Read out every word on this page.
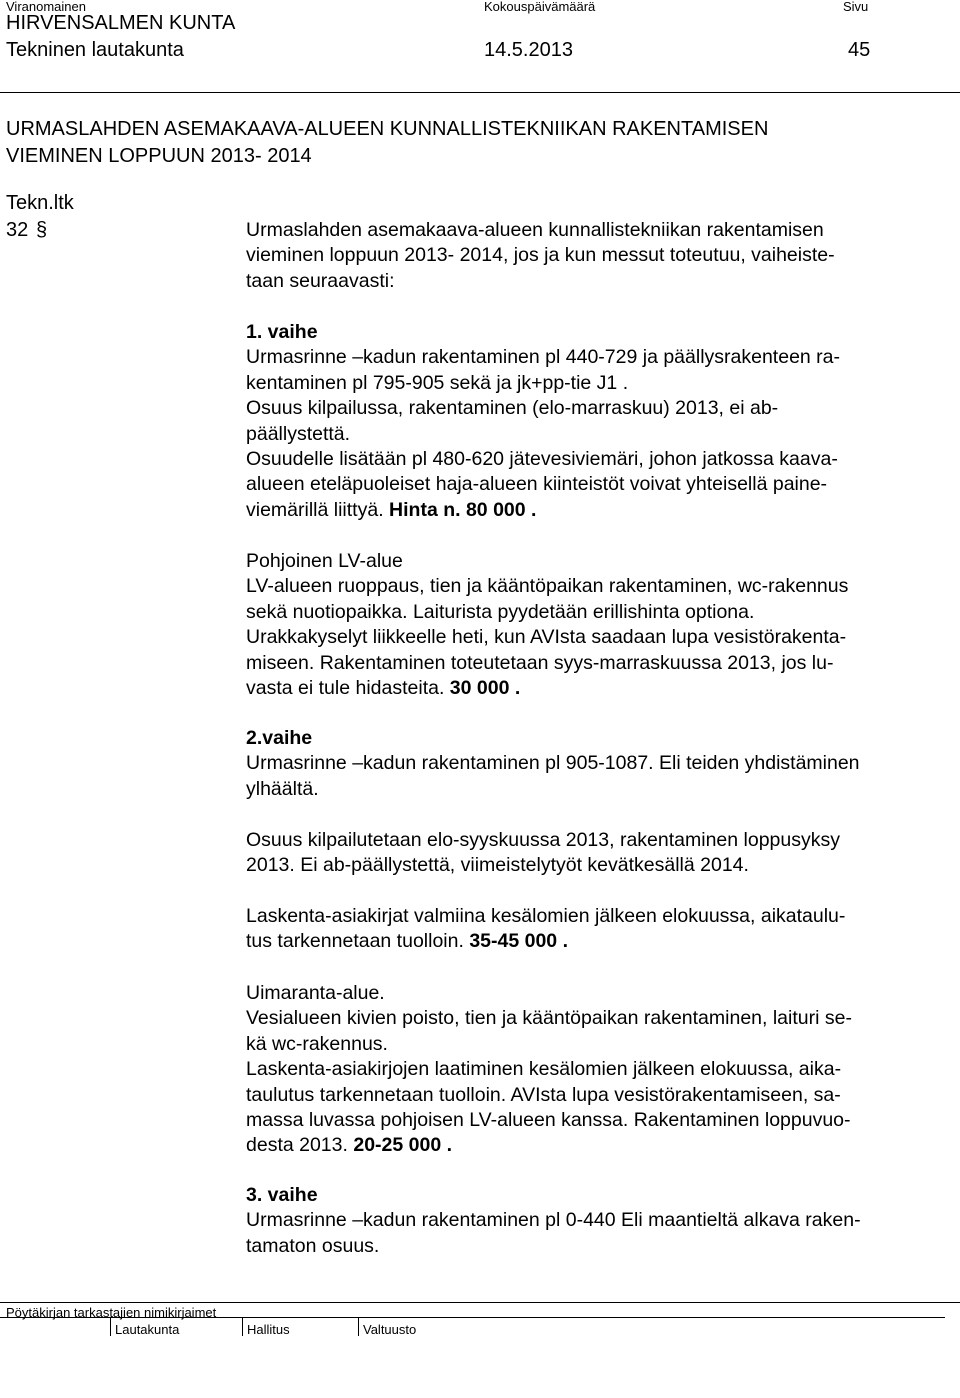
Viranomainen	Kokouspäivämäärä	Sivu
HIRVENSALMEN KUNTA
Tekninen lautakunta	14.5.2013	45
URMASLAHDEN ASEMAKAAVA-ALUEEN KUNNALLISTEKNIIKAN RAKENTAMISEN
VIEMINEN LOPPUUN 2013- 2014
Tekn.ltk
32 §	Urmaslahden asemakaava-alueen kunnallistekniikan rakentamisen
vieminen loppuun 2013- 2014, jos ja kun messut toteutuu, vaiheiste-
taan seuraavasti:
1. vaihe
Urmasrinne –kadun rakentaminen pl 440-729 ja päällysrakenteen ra-
kentaminen pl 795-905 sekä ja jk+pp-tie J1 .
Osuus kilpailussa, rakentaminen (elo-marraskuu) 2013, ei ab-
päällystettä.
Osuudelle lisätään pl 480-620 jätevesiviemäri, johon jatkossa kaava-
alueen eteläpuoleiset haja-alueen kiinteistöt voivat yhteisellä paine-
viemärillä liittyä. Hinta n. 80 000 .
Pohjoinen LV-alue
LV-alueen ruoppaus, tien ja kääntöpaikan rakentaminen, wc-rakennus
sekä nuotiopaikka. Laiturista pyydetään erillishinta optiona.
Urakkakyselyt liikkeelle heti, kun AVIsta saadaan lupa vesistörakenta-
miseen. Rakentaminen toteutetaan syys-marraskuussa 2013, jos lu-
vasta ei tule hidasteita. 30 000 .
2.vaihe
Urmasrinne –kadun rakentaminen pl 905-1087. Eli teiden yhdistäminen
ylhäältä.
Osuus kilpailutetaan elo-syyskuussa 2013, rakentaminen loppusyksy
2013. Ei ab-päällystettä, viimeistelytyöt kevätkesällä 2014.
Laskenta-asiakirjat valmiina kesälomien jälkeen elokuussa, aikataulu-
tus tarkennetaan tuolloin. 35-45 000 .
Uimaranta-alue.
Vesialueen kivien poisto, tien ja kääntöpaikan rakentaminen, laituri se-
kä wc-rakennus.
Laskenta-asiakirjojen laatiminen kesälomien jälkeen elokuussa, aika-
taulutus tarkennetaan tuolloin. AVIsta lupa vesistörakentamiseen, sa-
massa luvassa pohjoisen LV-alueen kanssa. Rakentaminen loppuvuo-
desta 2013. 20-25 000 .
3. vaihe
Urmasrinne –kadun rakentaminen pl 0-440 Eli maantieltä alkava raken-
tamaton osuus.
Pöytäkirjan tarkastajien nimikirjaimet
Lautakunta	Hallitus	Valtuusto
